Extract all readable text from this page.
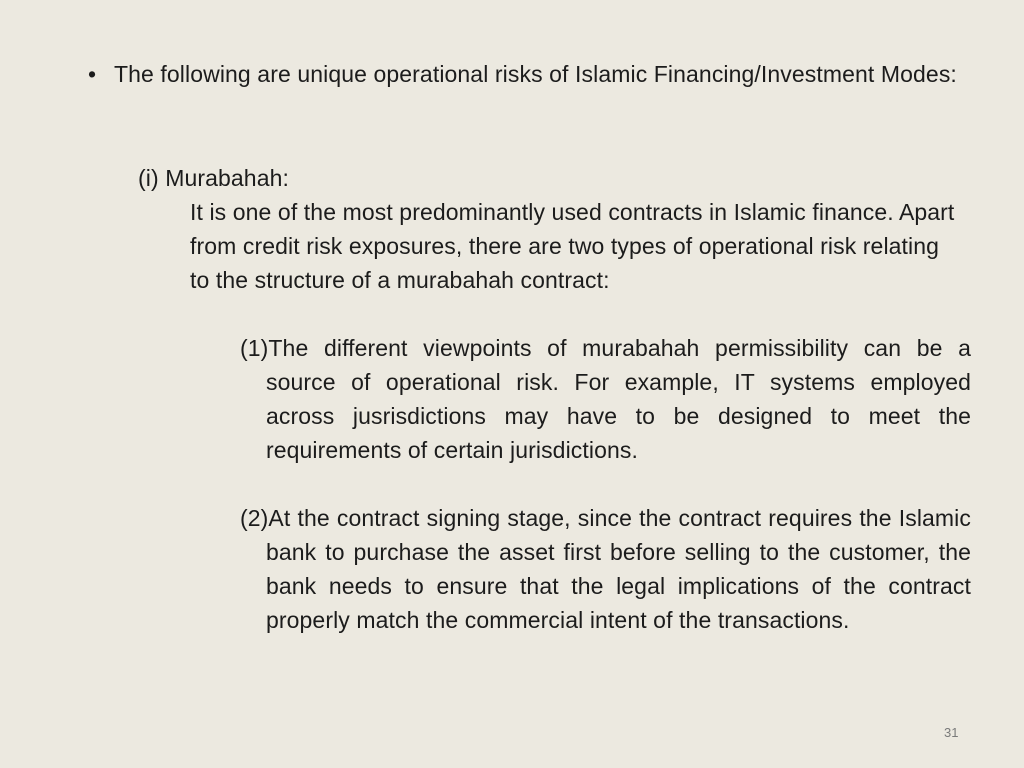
• The following are unique operational risks of Islamic Financing/Investment Modes:
(i) Murabahah:
It is one of the most predominantly used contracts in Islamic finance. Apart from credit risk exposures, there are two types of operational risk relating to the structure of a murabahah contract:
(1)The different viewpoints of murabahah permissibility can be a source of operational risk. For example, IT systems employed across jusrisdictions may have to be designed to meet the requirements of certain jurisdictions.
(2)At the contract signing stage, since the contract requires the Islamic bank to purchase the asset first before selling to the customer, the bank needs to ensure that the legal implications of the contract properly match the commercial intent of the transactions.
31
